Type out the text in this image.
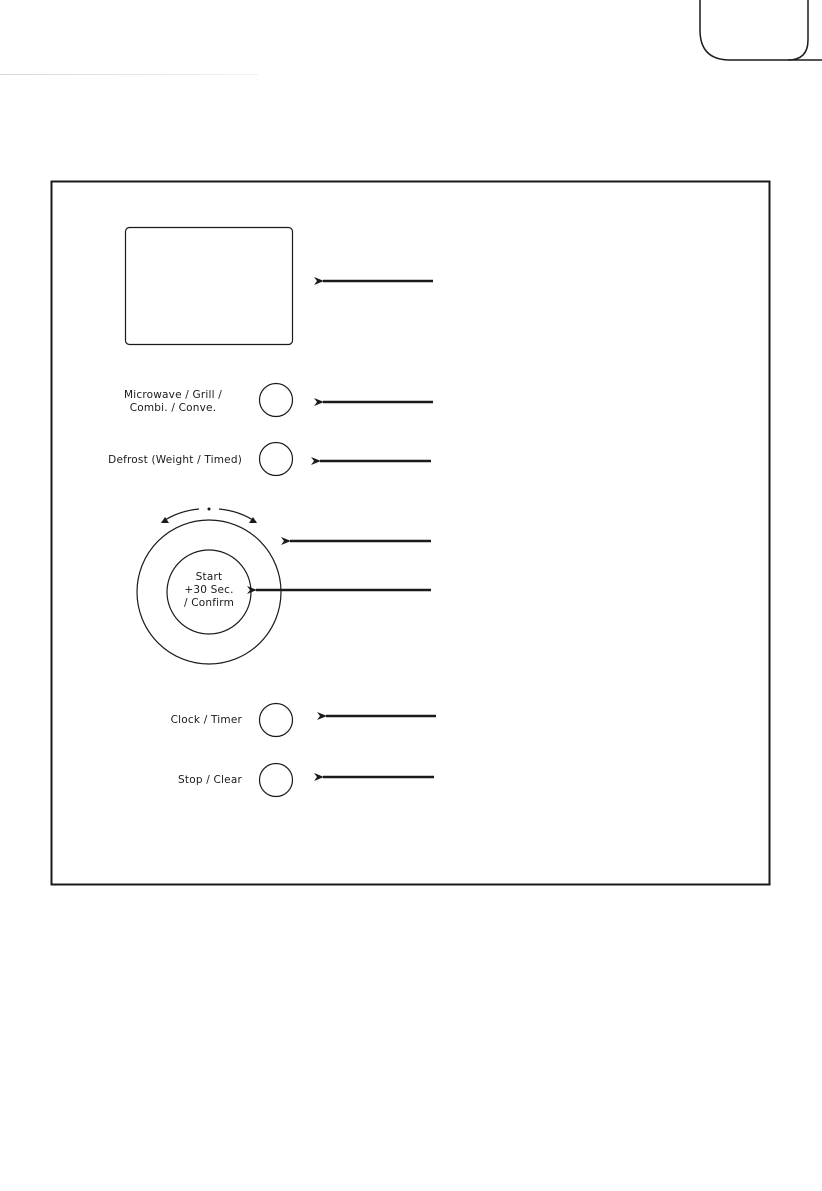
Microwave / Grill /
Combi. / Conve.
Defrost (Weight / Timed)
Start
+30 Sec.
/ Confirm
Clock / Timer
Stop / Clear
